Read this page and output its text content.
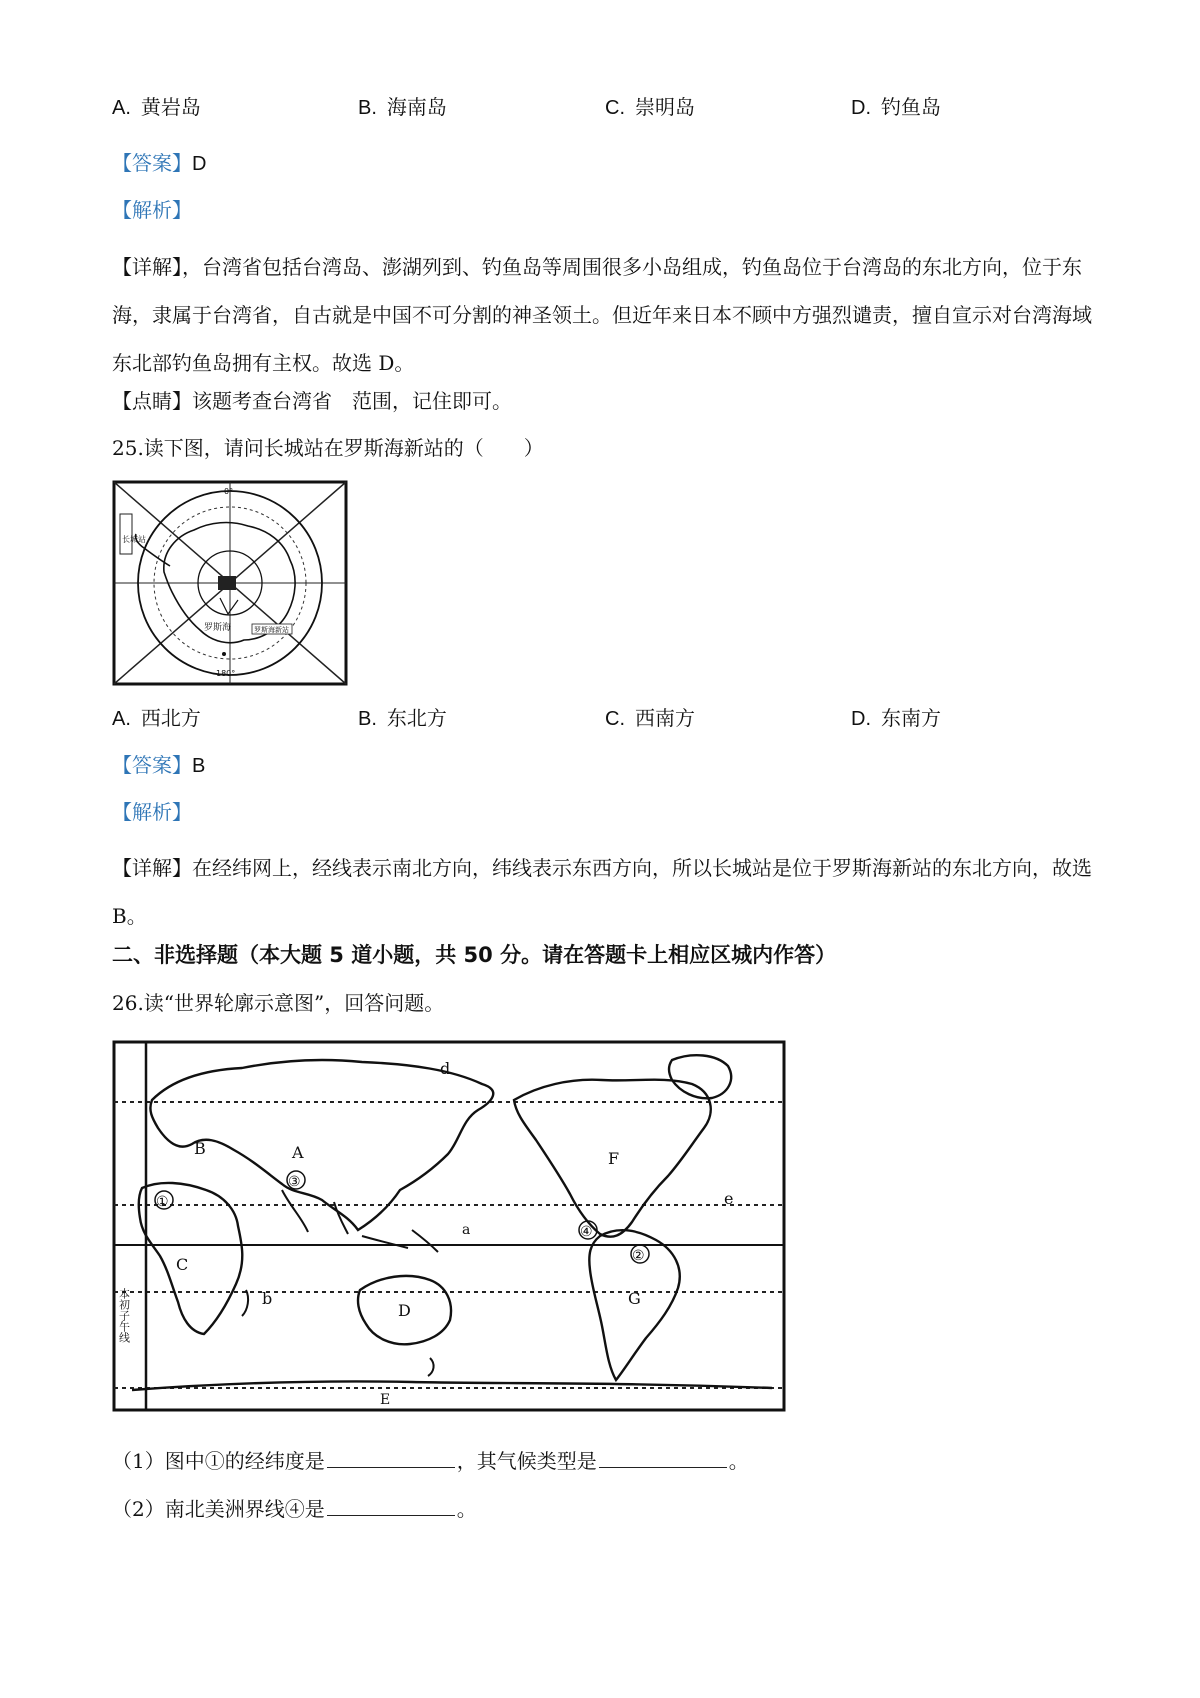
A. 黄岩岛	B. 海南岛	C. 崇明岛	D. 钓鱼岛
【答案】D
【解析】
【详解】，台湾省包括台湾岛、澎湖列到、钓鱼岛等周围很多小岛组成，钓鱼岛位于台湾岛的东北方向，位于东海，隶属于台湾省，自古就是中国不可分割的神圣领土。但近年来日本不顾中方强烈谴责，擅自宣示对台湾海域东北部钓鱼岛拥有主权。故选 D。
【点睛】该题考查台湾省　范围，记住即可。
25.读下图，请问长城站在罗斯海新站的（　　）
长城站
罗斯海新站
罗斯海
180°
0°
A. 西北方	B. 东北方	C. 西南方	D. 东南方
【答案】B
【解析】
【详解】在经纬网上，经线表示南北方向，纬线表示东西方向，所以长城站是位于罗斯海新站的东北方向，故选 B。
二、非选择题（本大题 5 道小题，共 50 分。请在答题卡上相应区城内作答）
26.读“世界轮廓示意图”，回答问题。
d
B	A
③
①
C
b
D
a
F
e
④
②
G
E
本初子午线
（1）图中①的经纬度是	，其气候类型是	。
（2）南北美洲界线④是	。
